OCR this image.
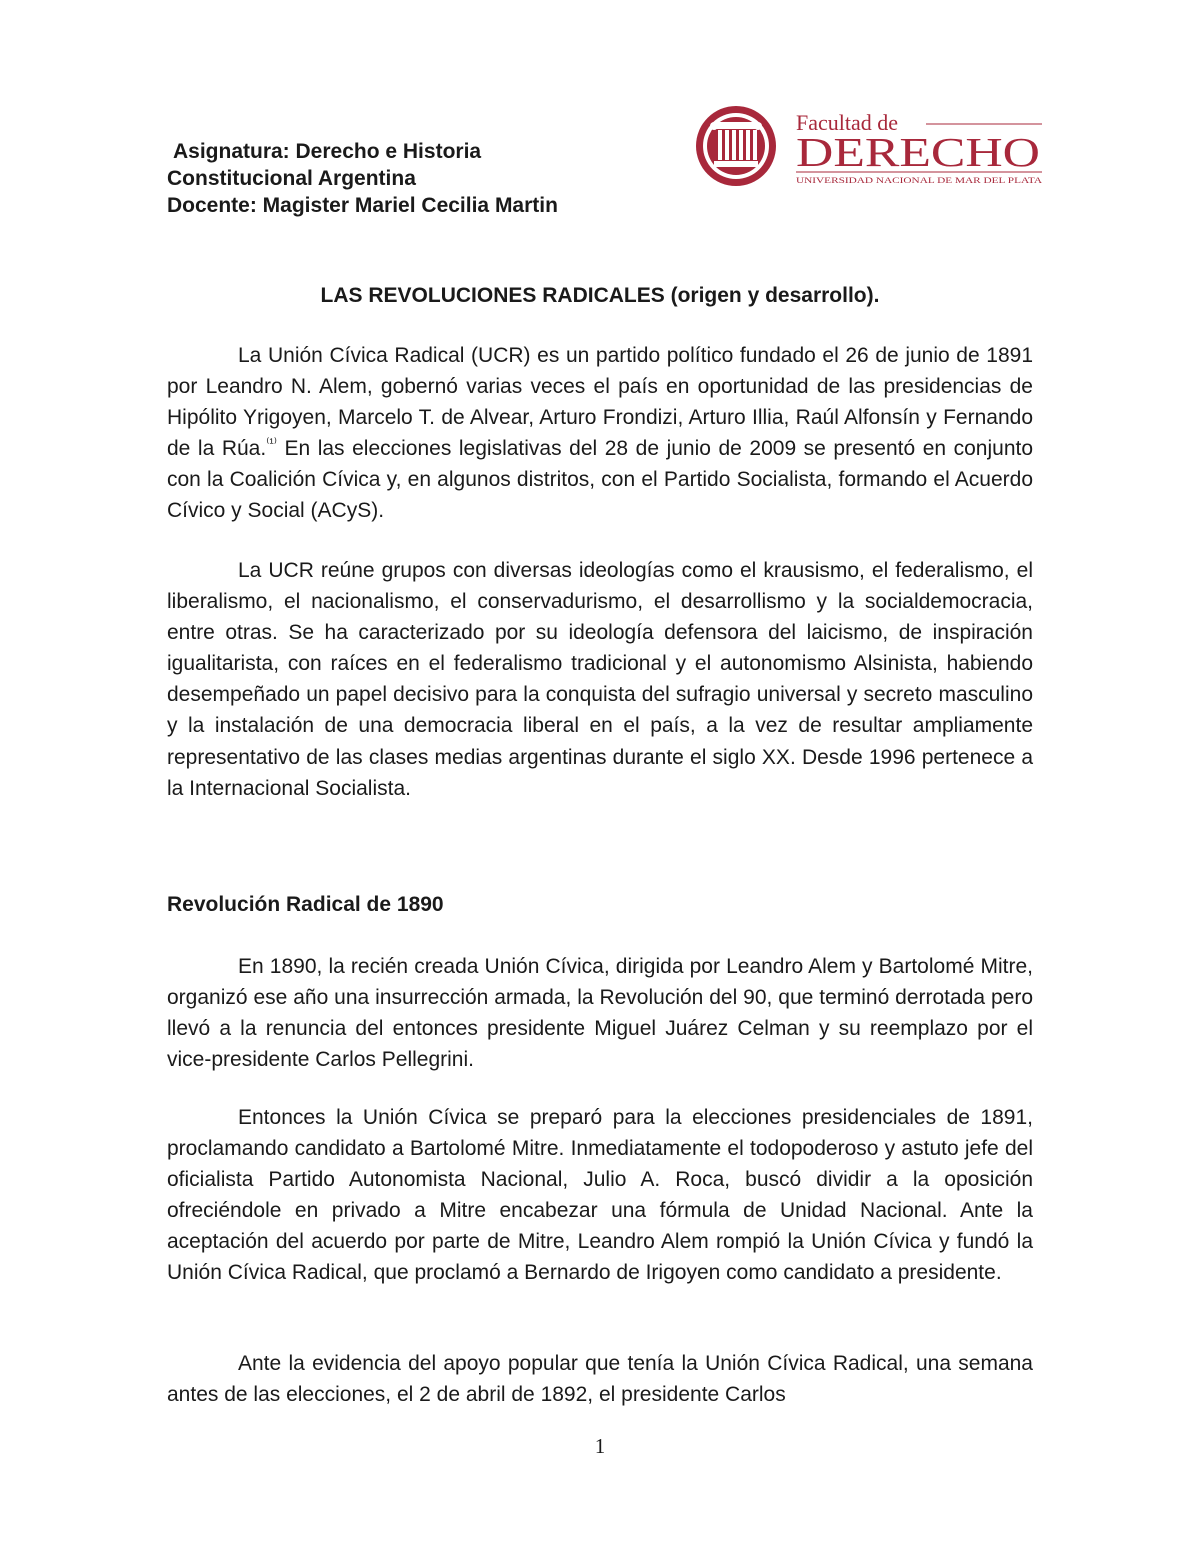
Asignatura: Derecho e Historia
Constitucional Argentina
Docente: Magister Mariel Cecilia Martin
Facultad de
DERECHO
UNIVERSIDAD NACIONAL DE MAR DEL PLATA
LAS REVOLUCIONES RADICALES (origen y desarrollo).

La Unión Cívica Radical (UCR) es un partido político fundado el 26 de junio de 1891 por Leandro N. Alem, gobernó varias veces el país en oportunidad de las presidencias de Hipólito Yrigoyen, Marcelo T. de Alvear, Arturo Frondizi, Arturo Illia, Raúl Alfonsín y Fernando de la Rúa.$^{^{(1)}}$ En las elecciones legislativas del 28 de junio de 2009 se presentó en conjunto con la Coalición Cívica y, en algunos distritos, con el Partido Socialista, formando el Acuerdo Cívico y Social (ACyS).

La UCR reúne grupos con diversas ideologías como el krausismo, el federalismo, el liberalismo, el nacionalismo, el conservadurismo, el desarrollismo y la socialdemocracia, entre otras. Se ha caracterizado por su ideología defensora del laicismo, de inspiración igualitarista, con raíces en el federalismo tradicional y el autonomismo Alsinista, habiendo desempeñado un papel decisivo para la conquista del sufragio universal y secreto masculino y la instalación de una democracia liberal en el país, a la vez de resultar ampliamente representativo de las clases medias argentinas durante el siglo XX. Desde 1996 pertenece a la Internacional Socialista.

Revolución Radical de 1890

En 1890, la recién creada Unión Cívica, dirigida por Leandro Alem y Bartolomé Mitre, organizó ese año una insurrección armada, la Revolución del 90, que terminó derrotada pero llevó a la renuncia del entonces presidente Miguel Juárez Celman y su reemplazo por el vice-presidente Carlos Pellegrini.

Entonces la Unión Cívica se preparó para la elecciones presidenciales de 1891, proclamando candidato a Bartolomé Mitre. Inmediatamente el todopoderoso y astuto jefe del oficialista Partido Autonomista Nacional, Julio A. Roca, buscó dividir a la oposición ofreciéndole en privado a Mitre encabezar una fórmula de Unidad Nacional. Ante la aceptación del acuerdo por parte de Mitre, Leandro Alem rompió la Unión Cívica y fundó la Unión Cívica Radical, que proclamó a Bernardo de Irigoyen como candidato a presidente.

Ante la evidencia del apoyo popular que tenía la Unión Cívica Radical, una semana antes de las elecciones, el 2 de abril de 1892, el presidente Carlos

1
